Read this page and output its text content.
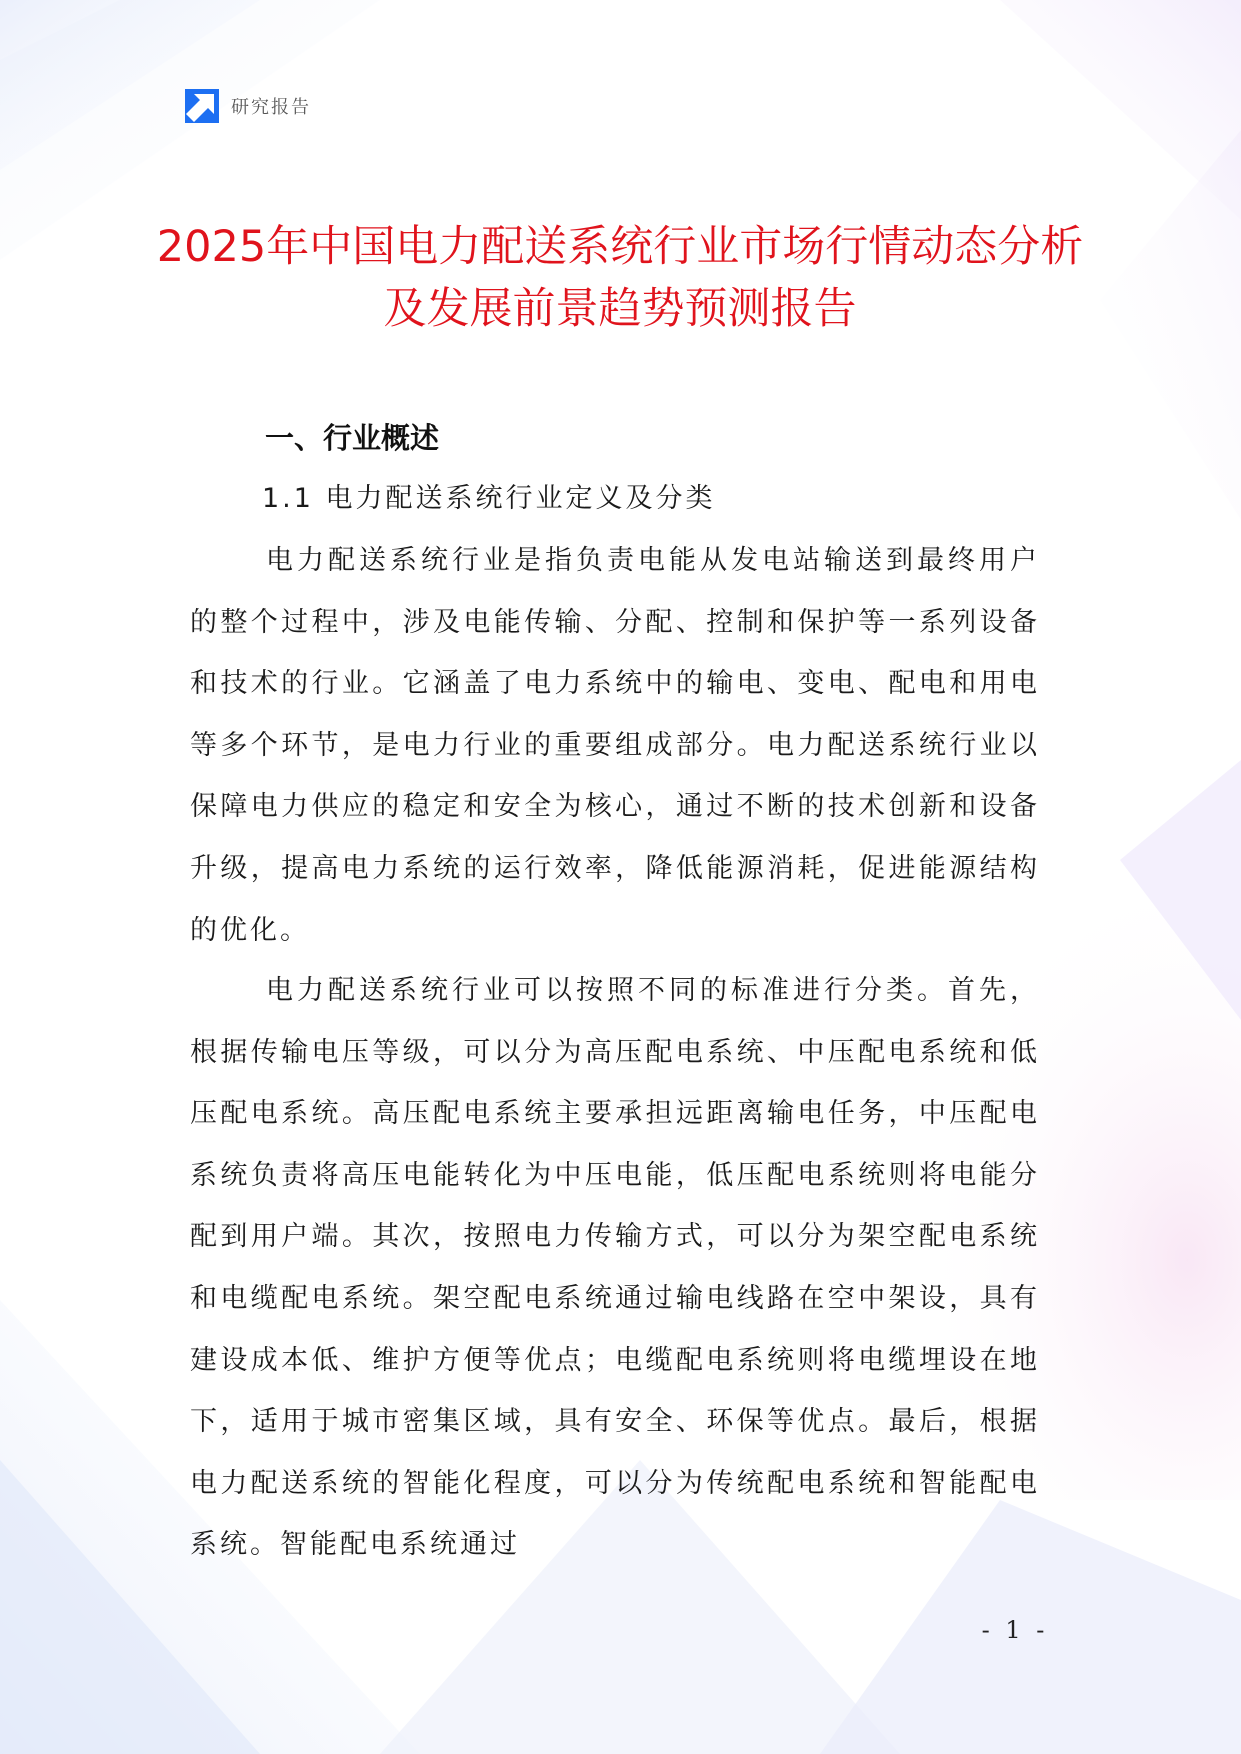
研究报告
2025年中国电力配送系统行业市场行情动态分析及发展前景趋势预测报告
一、行业概述
1.1 电力配送系统行业定义及分类

电力配送系统行业是指负责电能从发电站输送到最终用户的整个过程中，涉及电能传输、分配、控制和保护等一系列设备和技术的行业。它涵盖了电力系统中的输电、变电、配电和用电等多个环节，是电力行业的重要组成部分。电力配送系统行业以保障电力供应的稳定和安全为核心，通过不断的技术创新和设备升级，提高电力系统的运行效率，降低能源消耗，促进能源结构的优化。

电力配送系统行业可以按照不同的标准进行分类。首先，根据传输电压等级，可以分为高压配电系统、中压配电系统和低压配电系统。高压配电系统主要承担远距离输电任务，中压配电系统负责将高压电能转化为中压电能，低压配电系统则将电能分配到用户端。其次，按照电力传输方式，可以分为架空配电系统和电缆配电系统。架空配电系统通过输电线路在空中架设，具有建设成本低、维护方便等优点；电缆配电系统则将电缆埋设在地下，适用于城市密集区域，具有安全、环保等优点。最后，根据电力配送系统的智能化程度，可以分为传统配电系统和智能配电系统。智能配电系统通过

- 1 -
